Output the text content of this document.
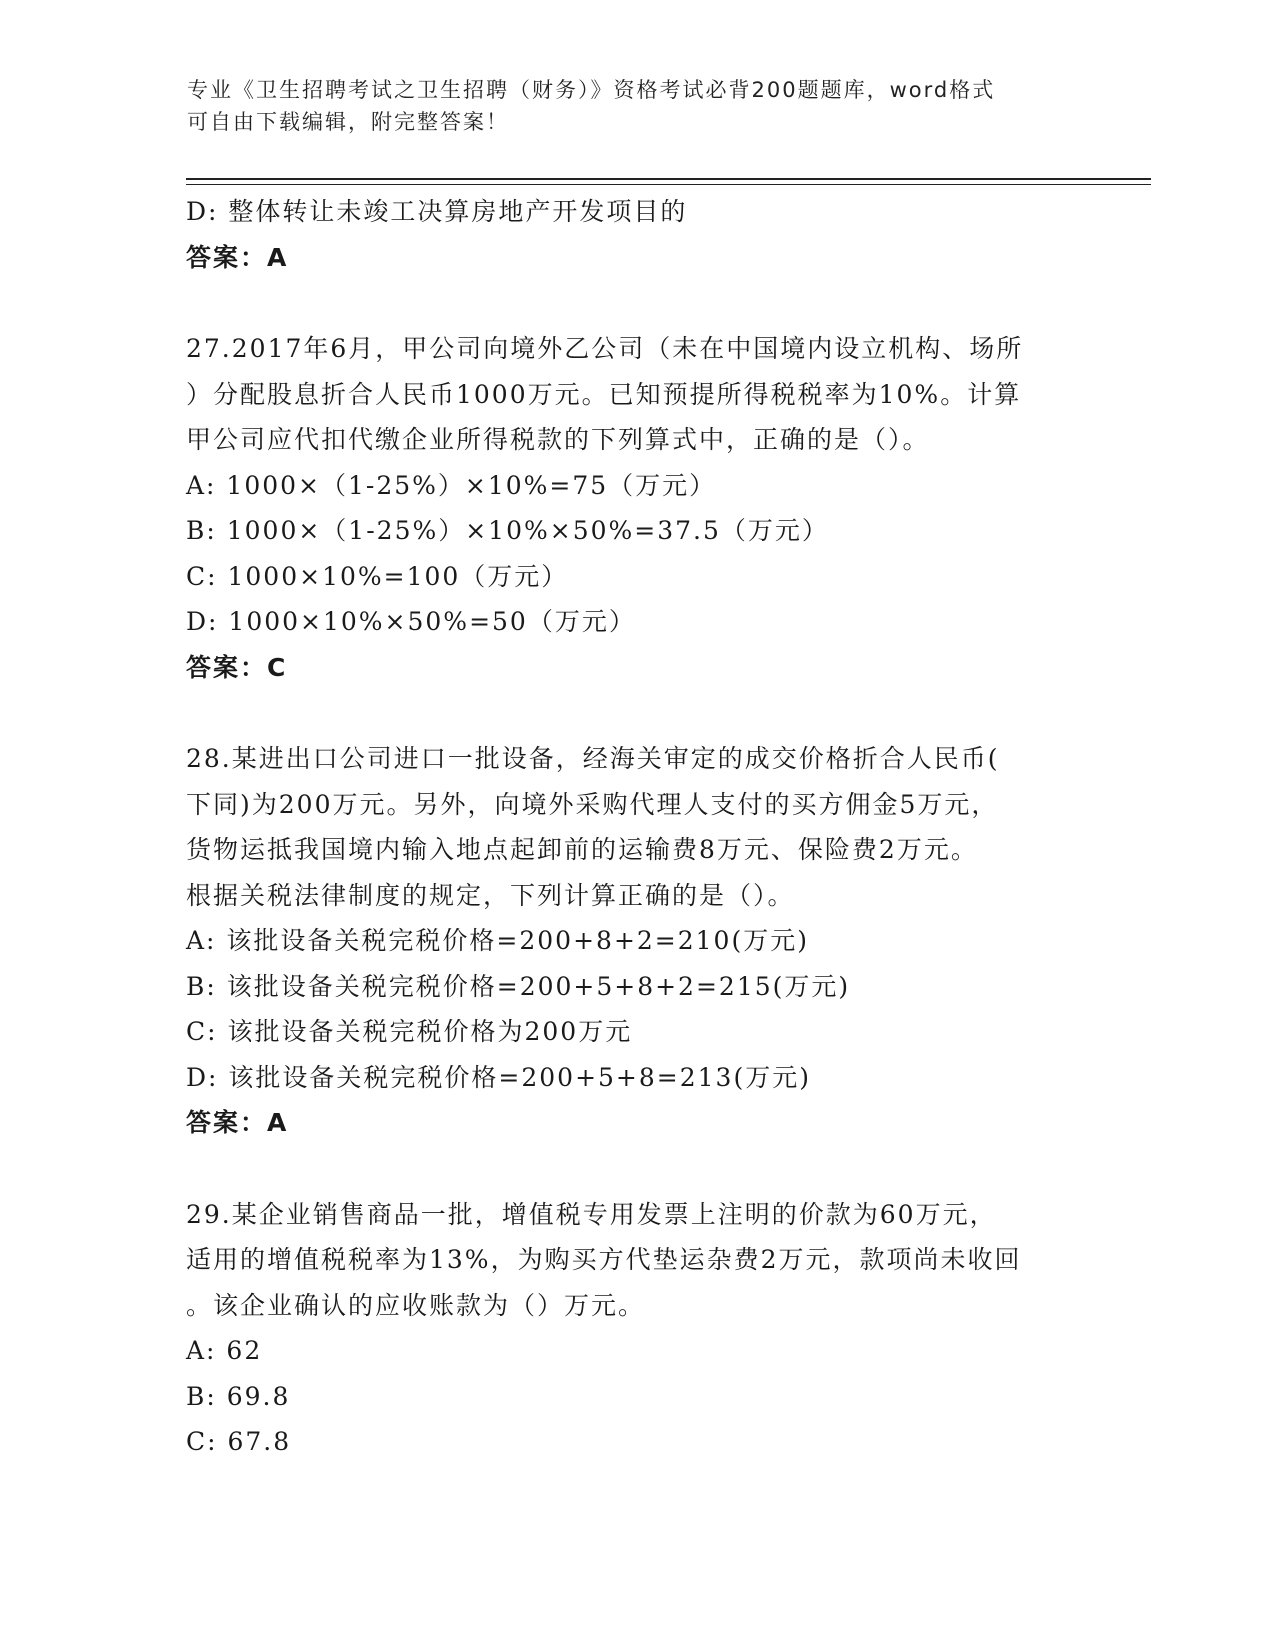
专业《卫生招聘考试之卫生招聘（财务）》资格考试必背200题题库，word格式
可自由下载编辑，附完整答案！
D: 整体转让未竣工决算房地产开发项目的
答案：A
27.2017年6月，甲公司向境外乙公司（未在中国境内设立机构、场所
）分配股息折合人民币1000万元。已知预提所得税税率为10%。计算
甲公司应代扣代缴企业所得税款的下列算式中，正确的是（）。
A: 1000×（1-25%）×10%=75（万元）
B: 1000×（1-25%）×10%×50%=37.5（万元）
C: 1000×10%=100（万元）
D: 1000×10%×50%=50（万元）
答案：C
28.某进出口公司进口一批设备，经海关审定的成交价格折合人民币(
下同)为200万元。另外，向境外采购代理人支付的买方佣金5万元，
货物运抵我国境内输入地点起卸前的运输费8万元、保险费2万元。
根据关税法律制度的规定，下列计算正确的是（）。
A: 该批设备关税完税价格=200+8+2=210(万元)
B: 该批设备关税完税价格=200+5+8+2=215(万元)
C: 该批设备关税完税价格为200万元
D: 该批设备关税完税价格=200+5+8=213(万元)
答案：A
29.某企业销售商品一批，增值税专用发票上注明的价款为60万元，
适用的增值税税率为13%，为购买方代垫运杂费2万元，款项尚未收回
。该企业确认的应收账款为（）万元。
A: 62
B: 69.8
C: 67.8
